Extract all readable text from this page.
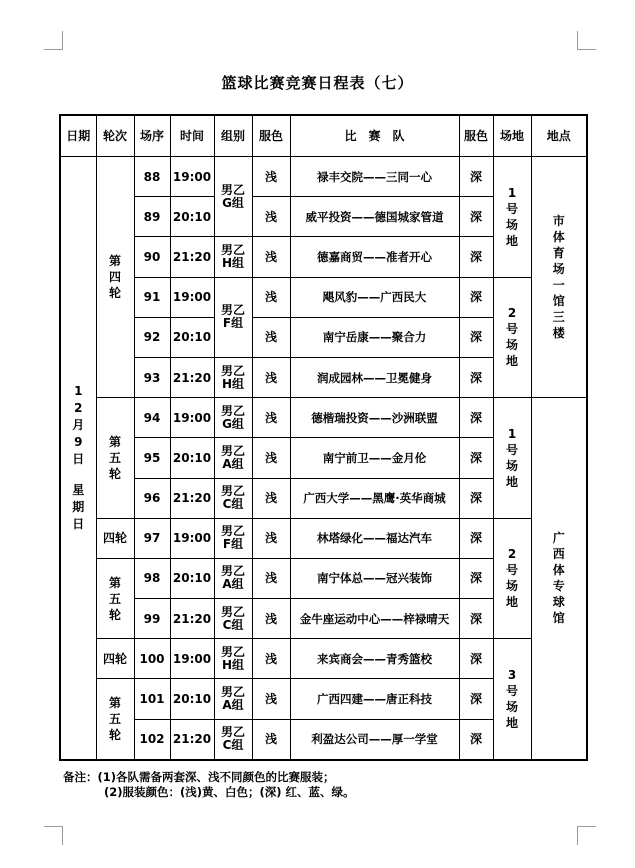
篮球比赛竞赛日程表（七）
日期	轮次	场序	时间	组别	服色	比　赛　队	服色	场地	地点
12月9日

星期日	第四轮	88	19:00	男乙G组	浅	禄丰交院——三同一心	深	1号场地	市体育场一馆三楼
		89	20:10		浅	威平投资——德国城家管道	深		
		90	21:20	男乙H组	浅	德嘉商贸——准者开心	深		
		91	19:00	男乙F组	浅	飓风豹——广西民大	深	2号场地	
		92	20:10		浅	南宁岳康——聚合力	深		
		93	21:20	男乙H组	浅	润成园林——卫冕健身	深		
	第五轮	94	19:00	男乙G组	浅	德楷瑞投资——沙洲联盟	深	1号场地	广西体专球馆
		95	20:10	男乙A组	浅	南宁前卫——金月伦	深		
		96	21:20	男乙C组	浅	广西大学——黑鹰·英华商城	深		
	四轮	97	19:00	男乙F组	浅	林塔绿化——福达汽车	深	2号场地	
	第五轮	98	20:10	男乙A组	浅	南宁体总——冠兴装饰	深		
		99	21:20	男乙C组	浅	金牛座运动中心——梓禄晴天	深		
	四轮	100	19:00	男乙H组	浅	来宾商会——青秀篮校	深	3号场地	
	第五轮	101	20:10	男乙A组	浅	广西四建——唐正科技	深		
		102	21:20	男乙C组	浅	利盈达公司——厚一学堂	深		
备注：(1)各队需备两套深、浅不同颜色的比赛服装；
(2)服装颜色：(浅)黄、白色；(深) 红、蓝、绿。
